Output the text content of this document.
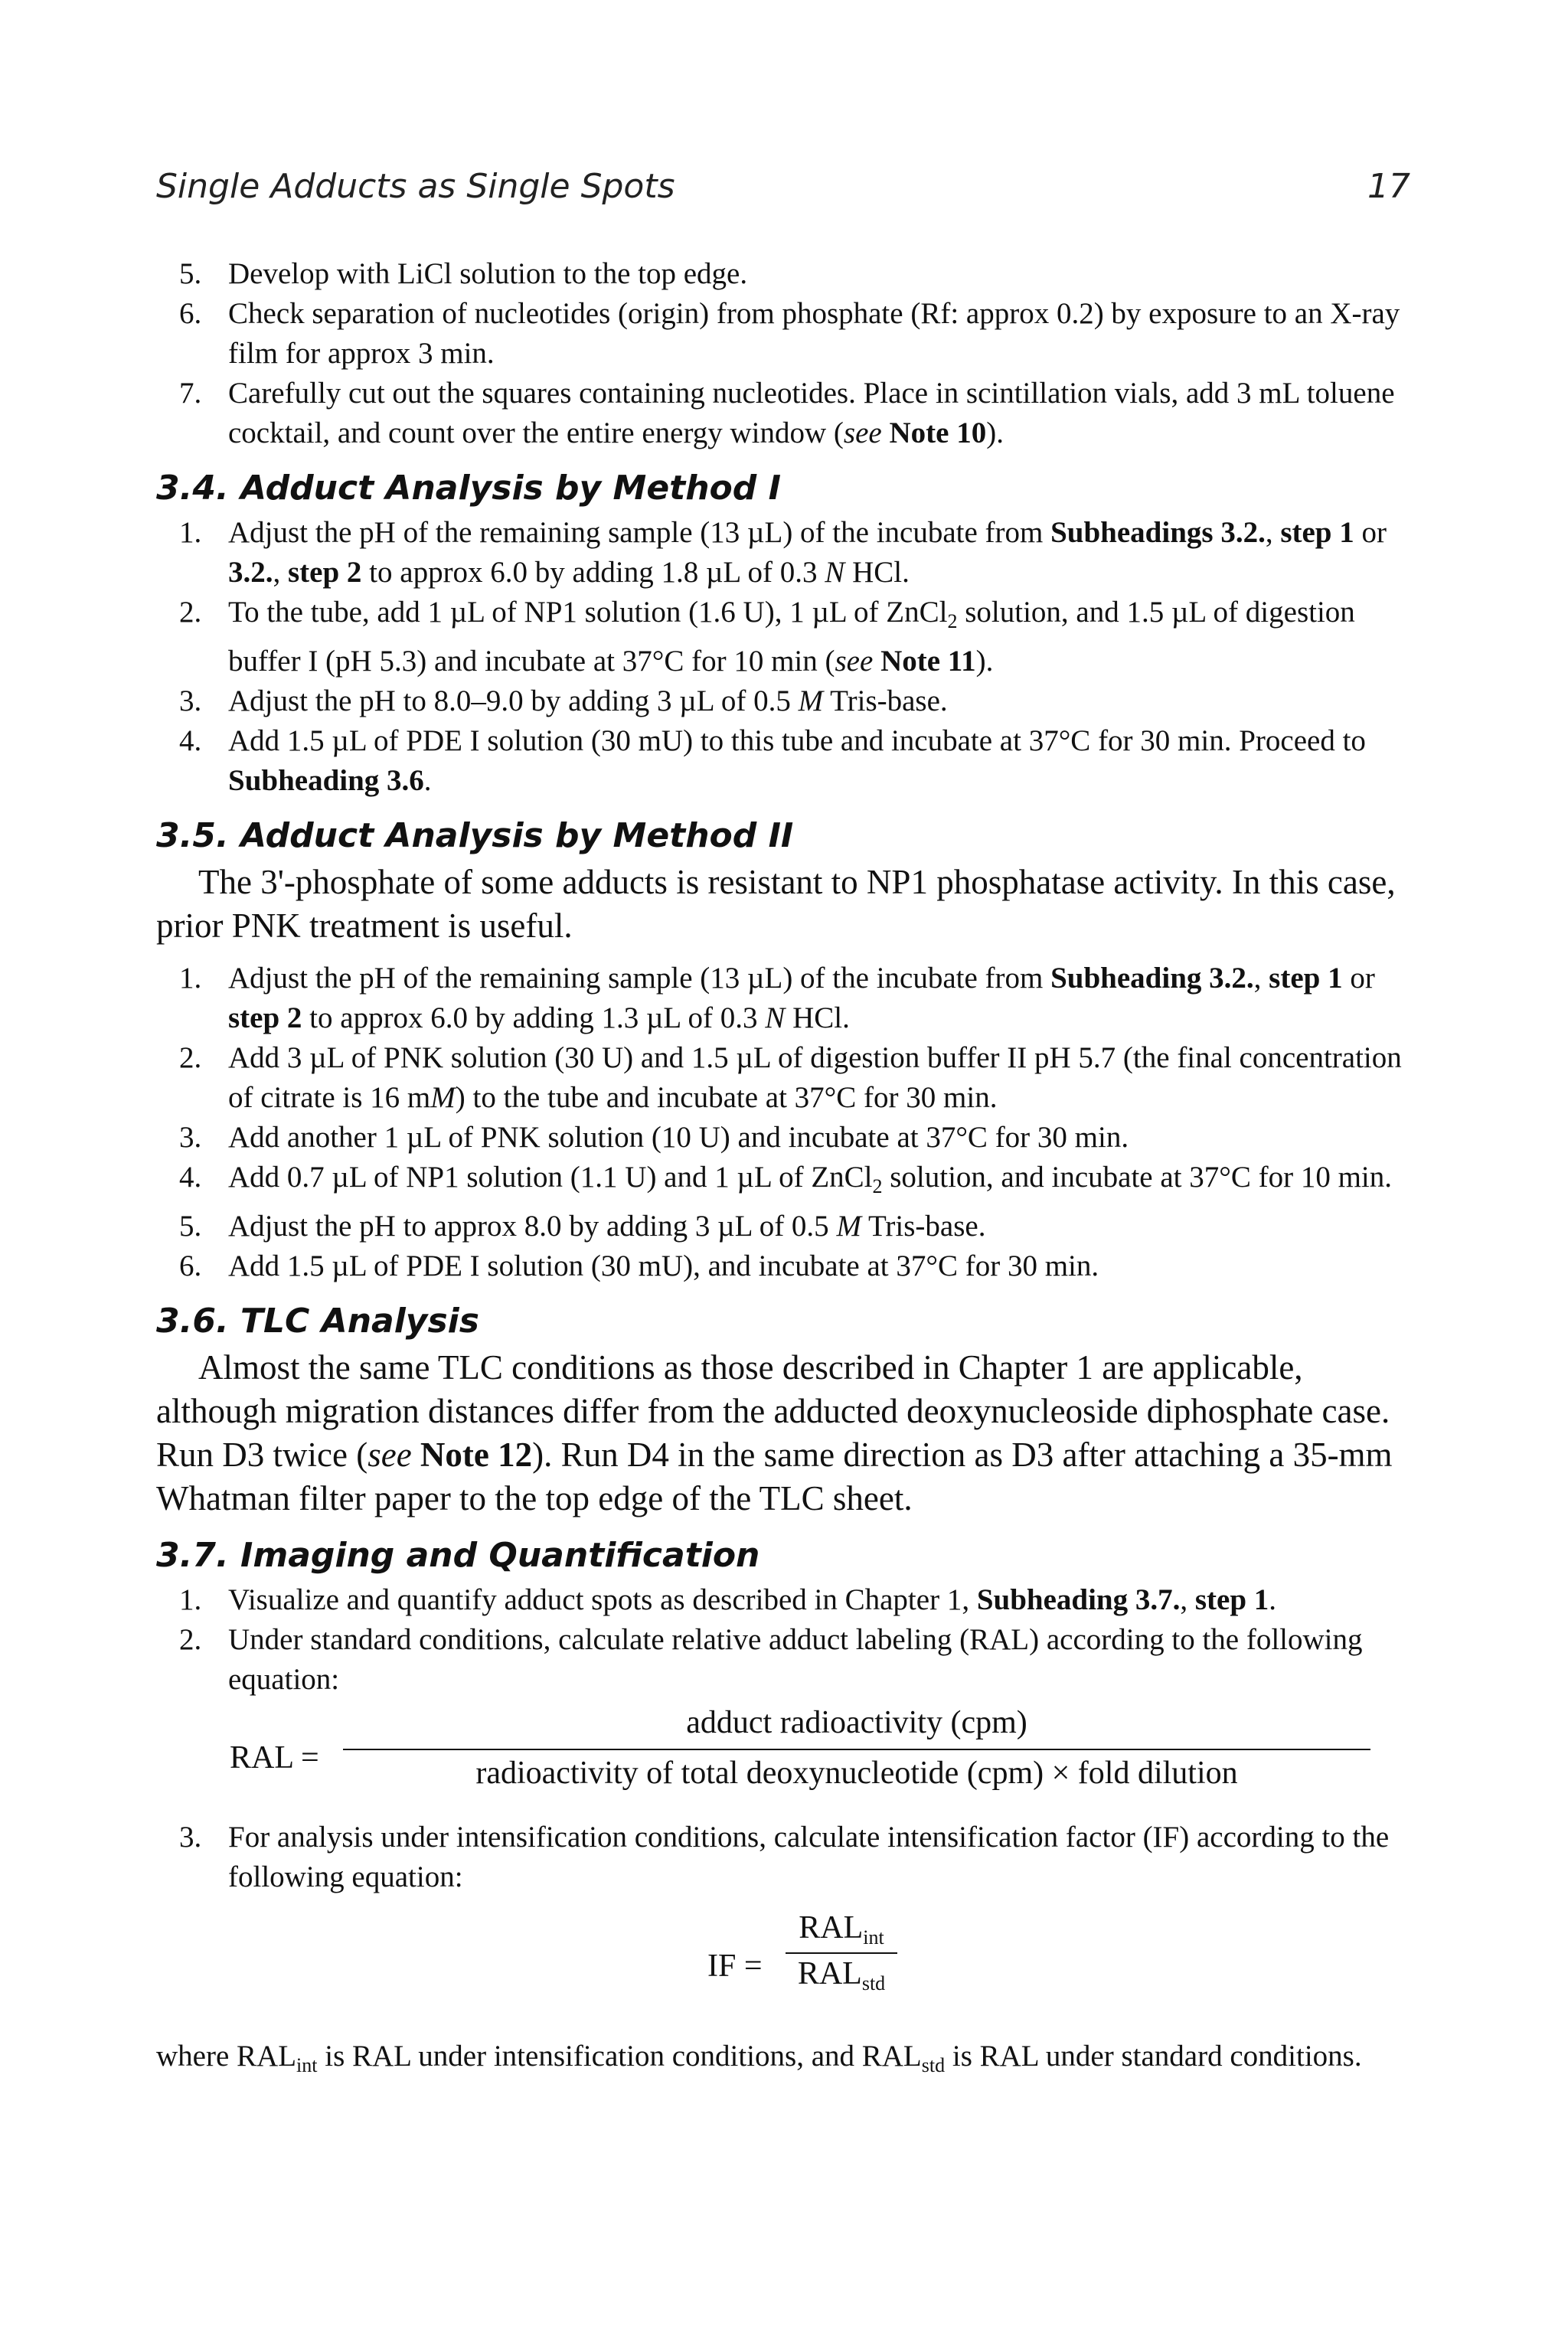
Single Adducts as Single Spots	17
5. Develop with LiCl solution to the top edge.
6. Check separation of nucleotides (origin) from phosphate (Rf: approx 0.2) by exposure to an X-ray film for approx 3 min.
7. Carefully cut out the squares containing nucleotides. Place in scintillation vials, add 3 mL toluene cocktail, and count over the entire energy window (see Note 10).
3.4. Adduct Analysis by Method I
1. Adjust the pH of the remaining sample (13 µL) of the incubate from Subheadings 3.2., step 1 or 3.2., step 2 to approx 6.0 by adding 1.8 µL of 0.3 N HCl.
2. To the tube, add 1 µL of NP1 solution (1.6 U), 1 µL of ZnCl$_2$ solution, and 1.5 µL of digestion buffer I (pH 5.3) and incubate at 37°C for 10 min (see Note 11).
3. Adjust the pH to 8.0–9.0 by adding 3 µL of 0.5 M Tris-base.
4. Add 1.5 µL of PDE I solution (30 mU) to this tube and incubate at 37°C for 30 min. Proceed to Subheading 3.6.
3.5. Adduct Analysis by Method II

The 3'-phosphate of some adducts is resistant to NP1 phosphatase activity. In this case, prior PNK treatment is useful.

1. Adjust the pH of the remaining sample (13 µL) of the incubate from Subheading 3.2., step 1 or step 2 to approx 6.0 by adding 1.3 µL of 0.3 N HCl.
2. Add 3 µL of PNK solution (30 U) and 1.5 µL of digestion buffer II pH 5.7 (the final concentration of citrate is 16 mM) to the tube and incubate at 37°C for 30 min.
3. Add another 1 µL of PNK solution (10 U) and incubate at 37°C for 30 min.
4. Add 0.7 µL of NP1 solution (1.1 U) and 1 µL of ZnCl$_2$ solution, and incubate at 37°C for 10 min.
5. Adjust the pH to approx 8.0 by adding 3 µL of 0.5 M Tris-base.
6. Add 1.5 µL of PDE I solution (30 mU), and incubate at 37°C for 30 min.
3.6. TLC Analysis

Almost the same TLC conditions as those described in Chapter 1 are applicable, although migration distances differ from the adducted deoxynucleoside diphosphate case. Run D3 twice (see Note 12). Run D4 in the same direction as D3 after attaching a 35-mm Whatman filter paper to the top edge of the TLC sheet.

3.7. Imaging and Quantification
1. Visualize and quantify adduct spots as described in Chapter 1, Subheading 3.7., step 1.
2. Under standard conditions, calculate relative adduct labeling (RAL) according to the following equation:
RAL =
adduct radioactivity (cpm)
radioactivity of total deoxynucleotide (cpm) × fold dilution
3. For analysis under intensification conditions, calculate intensification factor (IF) according to the following equation:
IF =
$RAL_{int}$
$RAL_{std}$
where $RAL_{int}$ is RAL under intensification conditions, and $RAL_{std}$ is RAL under standard conditions.
